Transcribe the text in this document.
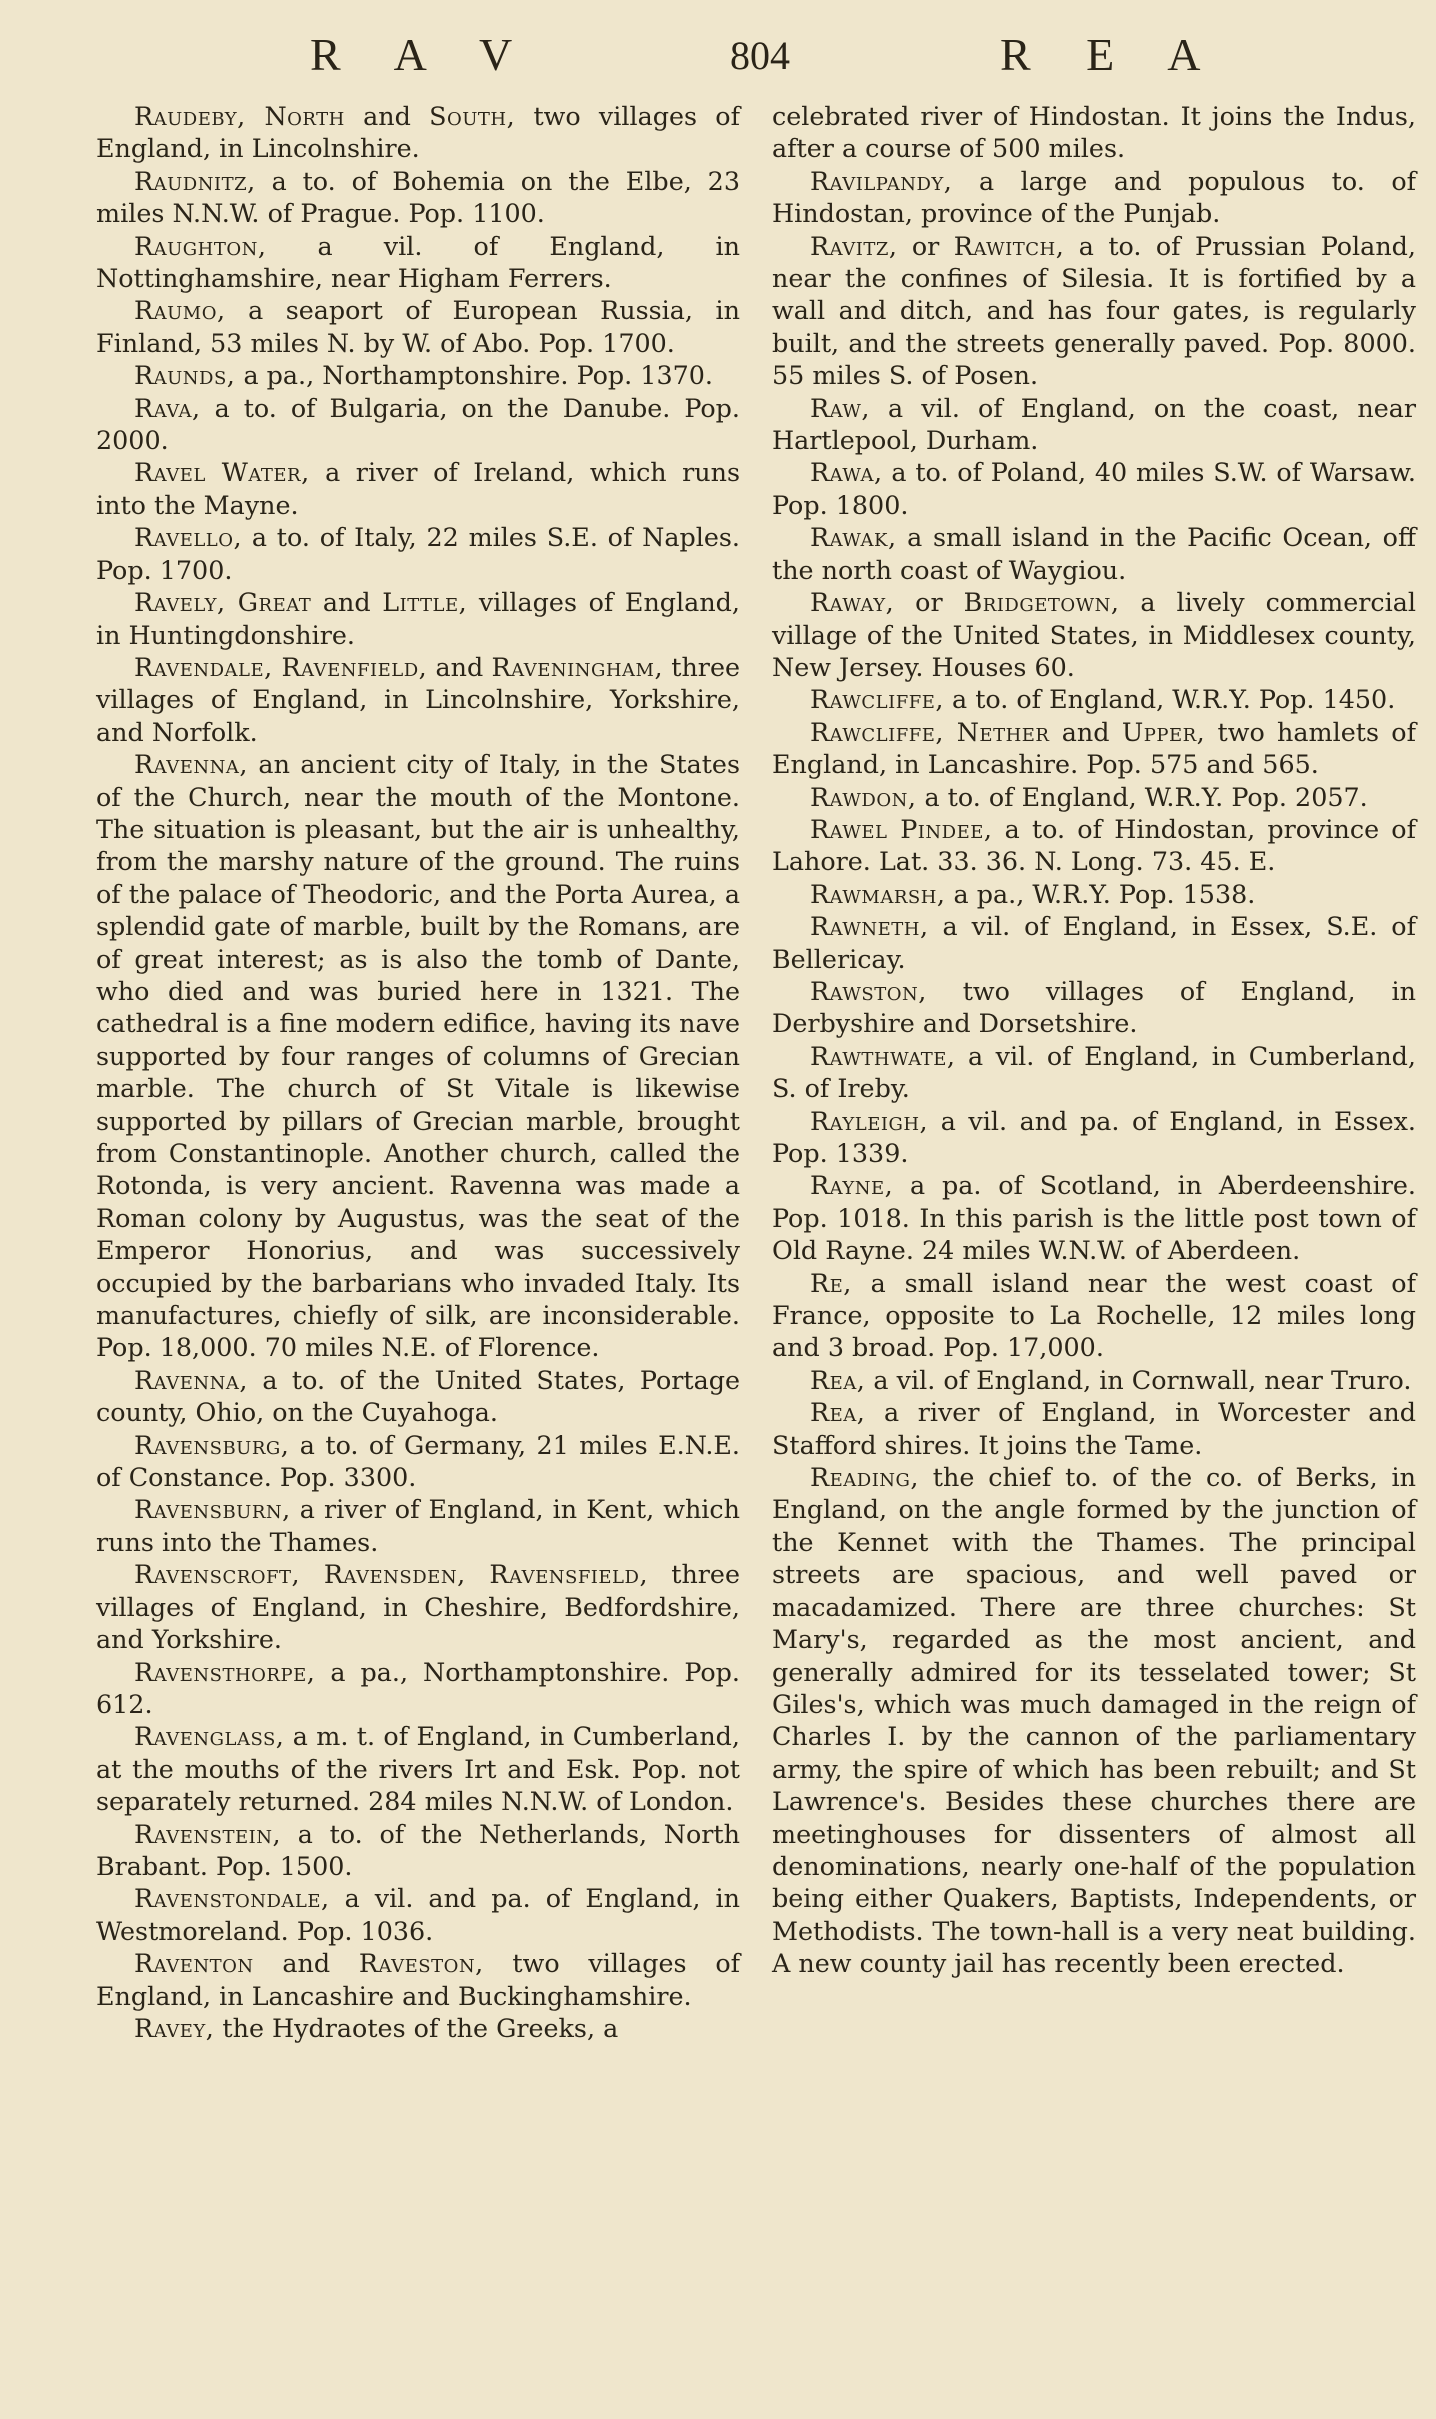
R A V	804	R E A

Raudeby, North and South, two villages of England, in Lincolnshire.

Raudnitz, a to. of Bohemia on the Elbe, 23 miles N.N.W. of Prague. Pop. 1100.

Raughton, a vil. of England, in Nottinghamshire, near Higham Ferrers.

Raumo, a seaport of European Russia, in Finland, 53 miles N. by W. of Abo. Pop. 1700.

Raunds, a pa., Northamptonshire. Pop. 1370.

Rava, a to. of Bulgaria, on the Danube. Pop. 2000.

Ravel Water, a river of Ireland, which runs into the Mayne.

Ravello, a to. of Italy, 22 miles S.E. of Naples. Pop. 1700.

Ravely, Great and Little, villages of England, in Huntingdonshire.

Ravendale, Ravenfield, and Raveningham, three villages of England, in Lincolnshire, Yorkshire, and Norfolk.

Ravenna, an ancient city of Italy, in the States of the Church, near the mouth of the Montone. The situation is pleasant, but the air is unhealthy, from the marshy nature of the ground. The ruins of the palace of Theodoric, and the Porta Aurea, a splendid gate of marble, built by the Romans, are of great interest; as is also the tomb of Dante, who died and was buried here in 1321. The cathedral is a fine modern edifice, having its nave supported by four ranges of columns of Grecian marble. The church of St Vitale is likewise supported by pillars of Grecian marble, brought from Constantinople. Another church, called the Rotonda, is very ancient. Ravenna was made a Roman colony by Augustus, was the seat of the Emperor Honorius, and was successively occupied by the barbarians who invaded Italy. Its manufactures, chiefly of silk, are inconsiderable. Pop. 18,000. 70 miles N.E. of Florence.

Ravenna, a to. of the United States, Portage county, Ohio, on the Cuyahoga.

Ravensburg, a to. of Germany, 21 miles E.N.E. of Constance. Pop. 3300.

Ravensburn, a river of England, in Kent, which runs into the Thames.

Ravenscroft, Ravensden, Ravensfield, three villages of England, in Cheshire, Bedfordshire, and Yorkshire.

Ravensthorpe, a pa., Northamptonshire. Pop. 612.

Ravenglass, a m. t. of England, in Cumberland, at the mouths of the rivers Irt and Esk. Pop. not separately returned. 284 miles N.N.W. of London.

Ravenstein, a to. of the Netherlands, North Brabant. Pop. 1500.

Ravenstondale, a vil. and pa. of England, in Westmoreland. Pop. 1036.

Raventon and Raveston, two villages of England, in Lancashire and Buckinghamshire.

Ravey, the Hydraotes of the Greeks, a

celebrated river of Hindostan. It joins the Indus, after a course of 500 miles.

Ravilpandy, a large and populous to. of Hindostan, province of the Punjab.

Ravitz, or Rawitch, a to. of Prussian Poland, near the confines of Silesia. It is fortified by a wall and ditch, and has four gates, is regularly built, and the streets generally paved. Pop. 8000. 55 miles S. of Posen.

Raw, a vil. of England, on the coast, near Hartlepool, Durham.

Rawa, a to. of Poland, 40 miles S.W. of Warsaw. Pop. 1800.

Rawak, a small island in the Pacific Ocean, off the north coast of Waygiou.

Raway, or Bridgetown, a lively commercial village of the United States, in Middlesex county, New Jersey. Houses 60.

Rawcliffe, a to. of England, W.R.Y. Pop. 1450.

Rawcliffe, Nether and Upper, two hamlets of England, in Lancashire. Pop. 575 and 565.

Rawdon, a to. of England, W.R.Y. Pop. 2057.

Rawel Pindee, a to. of Hindostan, province of Lahore. Lat. 33. 36. N. Long. 73. 45. E.

Rawmarsh, a pa., W.R.Y. Pop. 1538.

Rawneth, a vil. of England, in Essex, S.E. of Bellericay.

Rawston, two villages of England, in Derbyshire and Dorsetshire.

Rawthwate, a vil. of England, in Cumberland, S. of Ireby.

Rayleigh, a vil. and pa. of England, in Essex. Pop. 1339.

Rayne, a pa. of Scotland, in Aberdeenshire. Pop. 1018. In this parish is the little post town of Old Rayne. 24 miles W.N.W. of Aberdeen.

Re, a small island near the west coast of France, opposite to La Rochelle, 12 miles long and 3 broad. Pop. 17,000.

Rea, a vil. of England, in Cornwall, near Truro.

Rea, a river of England, in Worcester and Stafford shires. It joins the Tame.

Reading, the chief to. of the co. of Berks, in England, on the angle formed by the junction of the Kennet with the Thames. The principal streets are spacious, and well paved or macadamized. There are three churches: St Mary's, regarded as the most ancient, and generally admired for its tesselated tower; St Giles's, which was much damaged in the reign of Charles I. by the cannon of the parliamentary army, the spire of which has been rebuilt; and St Lawrence's. Besides these churches there are meetinghouses for dissenters of almost all denominations, nearly one-half of the population being either Quakers, Baptists, Independents, or Methodists. The town-hall is a very neat building. A new county jail has recently been erected.
